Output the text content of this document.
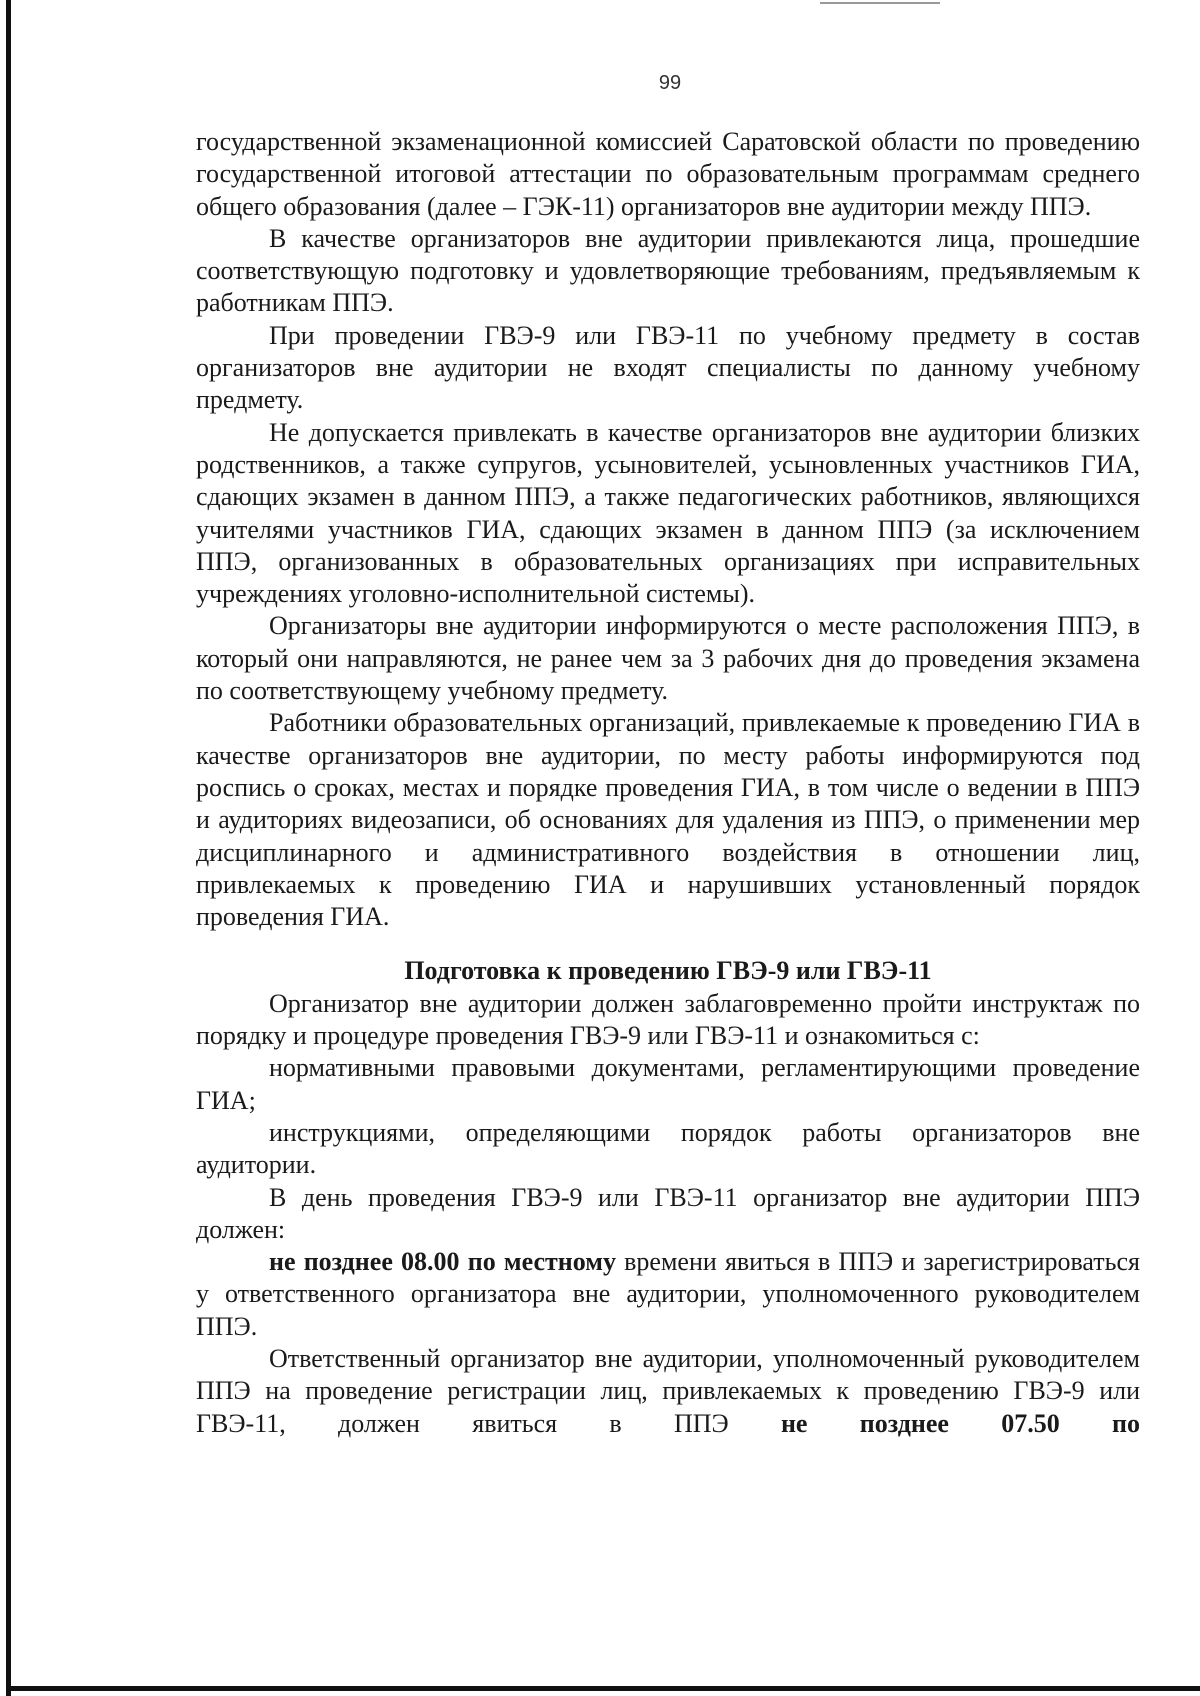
99

государственной экзаменационной комиссией Саратовской области по проведению государственной итоговой аттестации по образовательным программам среднего общего образования (далее – ГЭК-11) организаторов вне аудитории между ППЭ.

В качестве организаторов вне аудитории привлекаются лица, прошедшие соответствующую подготовку и удовлетворяющие требованиям, предъявляемым к работникам ППЭ.

При проведении ГВЭ-9 или ГВЭ-11 по учебному предмету в состав организаторов вне аудитории не входят специалисты по данному учебному предмету.

Не допускается привлекать в качестве организаторов вне аудитории близких родственников, а также супругов, усыновителей, усыновленных участников ГИА, сдающих экзамен в данном ППЭ, а также педагогических работников, являющихся учителями участников ГИА, сдающих экзамен в данном ППЭ (за исключением ППЭ, организованных в образовательных организациях при исправительных учреждениях уголовно-исполнительной системы).

Организаторы вне аудитории информируются о месте расположения ППЭ, в который они направляются, не ранее чем за 3 рабочих дня до проведения экзамена по соответствующему учебному предмету.

Работники образовательных организаций, привлекаемые к проведению ГИА в качестве организаторов вне аудитории, по месту работы информируются под роспись о сроках, местах и порядке проведения ГИА, в том числе о ведении в ППЭ и аудиториях видеозаписи, об основаниях для удаления из ППЭ, о применении мер дисциплинарного и административного воздействия в отношении лиц, привлекаемых к проведению ГИА и нарушивших установленный порядок проведения ГИА.

Подготовка к проведению ГВЭ-9 или ГВЭ-11

Организатор вне аудитории должен заблаговременно пройти инструктаж по порядку и процедуре проведения ГВЭ-9 или ГВЭ-11 и ознакомиться с:

нормативными правовыми документами, регламентирующими проведение ГИА;

инструкциями, определяющими порядок работы организаторов вне аудитории.

В день проведения ГВЭ-9 или ГВЭ-11 организатор вне аудитории ППЭ должен:

не позднее 08.00 по местному времени явиться в ППЭ и зарегистрироваться у ответственного организатора вне аудитории, уполномоченного руководителем ППЭ.

Ответственный организатор вне аудитории, уполномоченный руководителем ППЭ на проведение регистрации лиц, привлекаемых к проведению ГВЭ-9 или ГВЭ-11, должен явиться в ППЭ не позднее 07.50 по
